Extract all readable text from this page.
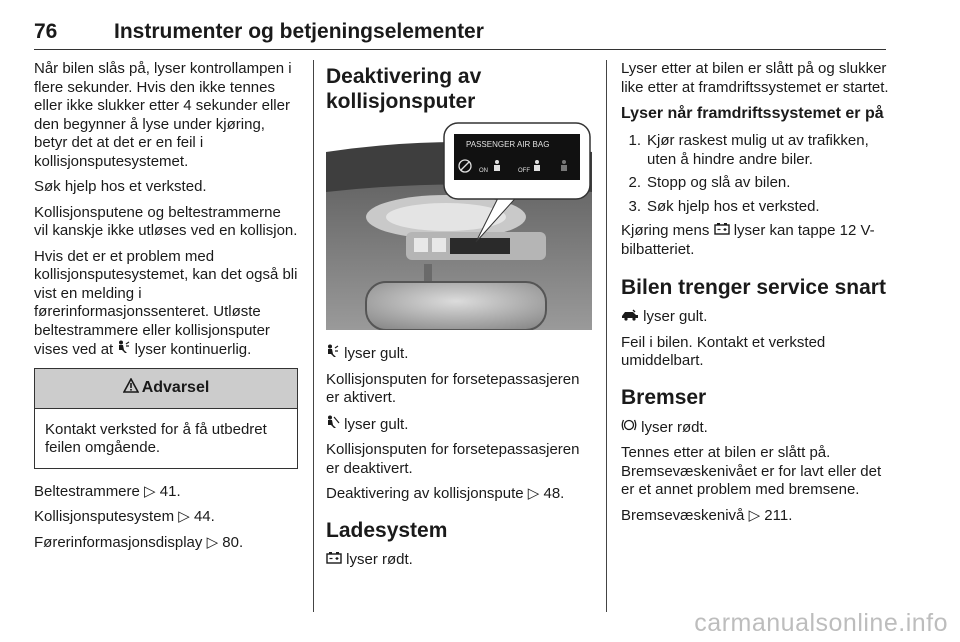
76	Instrumenter og betjeningselementer

Når bilen slås på, lyser kontrollampen i flere sekunder. Hvis den ikke tennes eller ikke slukker etter 4 sekunder eller den begynner å lyse under kjøring, betyr det at det er en feil i kollisjonsputesystemet.

Søk hjelp hos et verksted.

Kollisjonsputene og beltestrammerne vil kanskje ikke utløses ved en kollisjon.

Hvis det er et problem med kollisjonsputesystemet, kan det også bli vist en melding i førerinformasjonssenteret. Utløste beltestrammere eller kollisjonsputer vises ved at lyser kontinuerlig.

Advarsel
Kontakt verksted for å få utbedret feilen omgående.

Beltestrammere ▷ 41.

Kollisjonsputesystem ▷ 44.

Førerinformasjonsdisplay ▷ 80.

Deaktivering av kollisjonsputer
PASSENGER AIR BAG
ON	OFF

lyser gult.

Kollisjonsputen for forsetepassasjeren er aktivert.

lyser gult.

Kollisjonsputen for forsetepassasjeren er deaktivert.

Deaktivering av kollisjonspute ▷ 48.

Ladesystem

lyser rødt.

Lyser etter at bilen er slått på og slukker like etter at framdriftssystemet er startet.

Lyser når framdriftssystemet er på
1. Kjør raskest mulig ut av trafikken, uten å hindre andre biler.
2. Stopp og slå av bilen.
3. Søk hjelp hos et verksted.

Kjøring mens lyser kan tappe 12 V-bilbatteriet.

Bilen trenger service snart

lyser gult.

Feil i bilen. Kontakt et verksted umiddelbart.

Bremser

lyser rødt.

Tennes etter at bilen er slått på. Bremsevæskenivået er for lavt eller det er et annet problem med bremsene.

Bremsevæskenivå ▷ 211.

carmanualsonline.info
